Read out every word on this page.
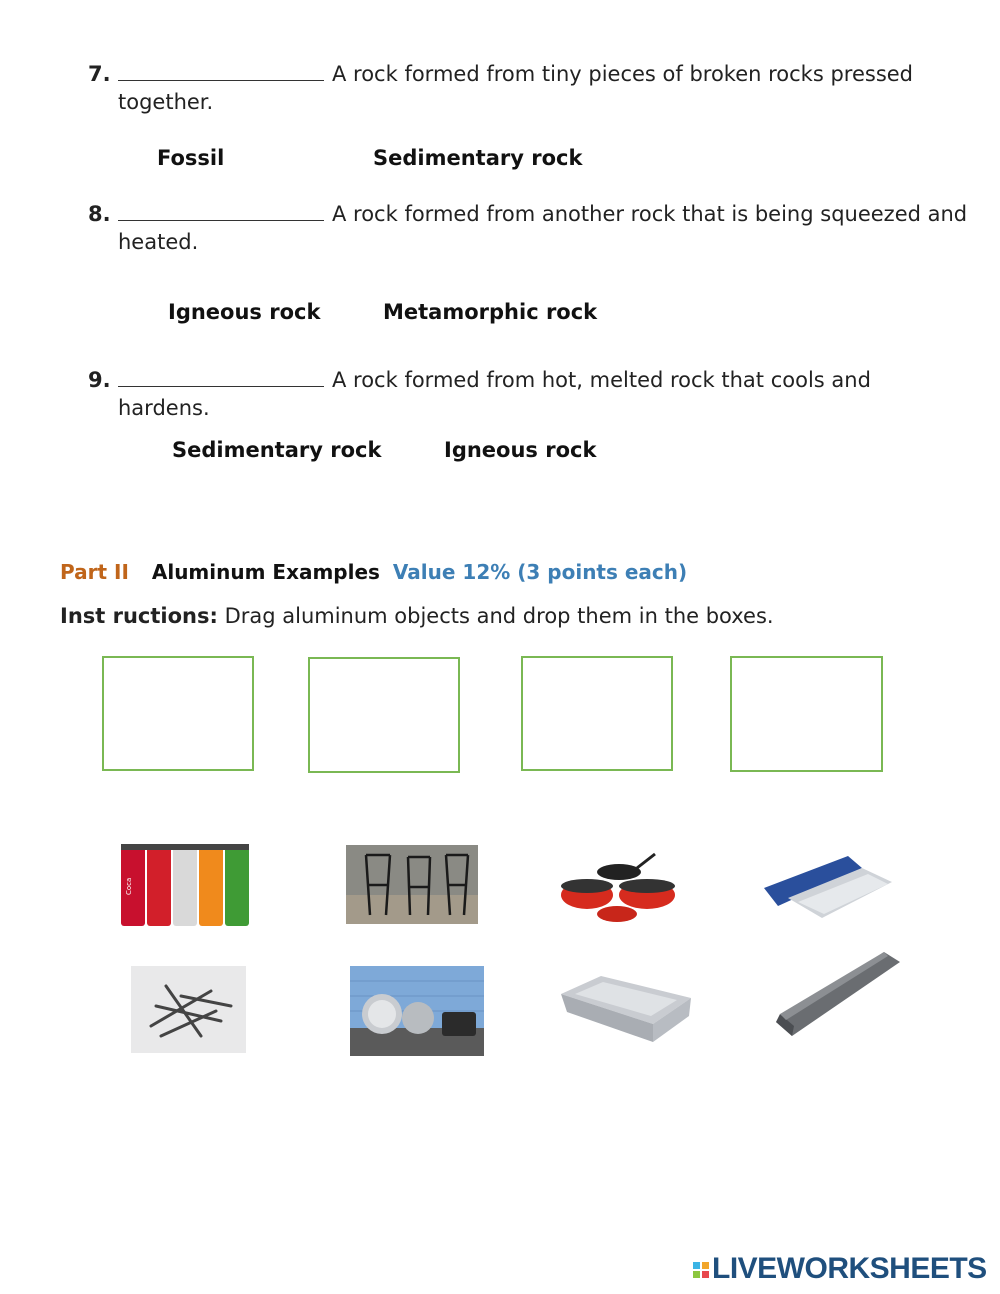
7.	A rock formed from tiny pieces of broken rocks pressed together.
Fossil	Sedimentary rock
8.	A rock formed from another rock that is being squeezed and heated.
Igneous rock	Metamorphic rock
9.	A rock formed from hot, melted rock that cools and hardens.
Sedimentary rock	Igneous rock
Part II Aluminum Examples Value 12% (3 points each)
Inst ructions: Drag aluminum objects and drop them in the boxes.
Coca

LIVEWORKSHEETS
